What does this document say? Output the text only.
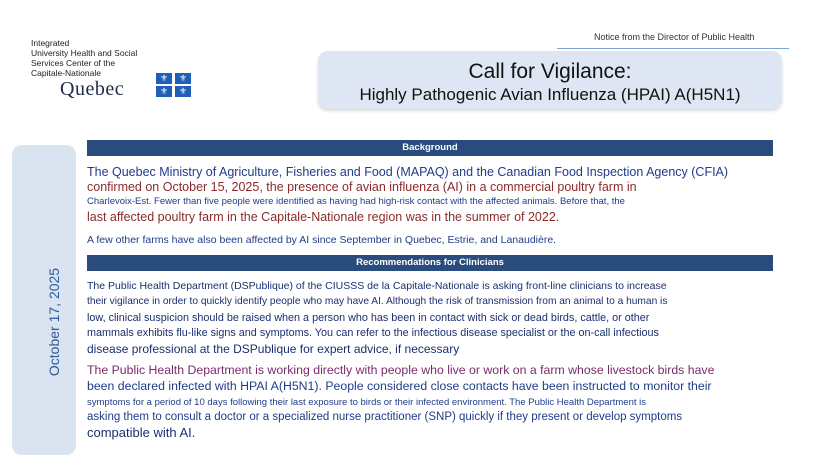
Integrated
University Health and Social
Services Center of the
Capitale-Nationale
Quebec	⚜ ⚜
⚜ ⚜
Notice from the Director of Public Health
Call for Vigilance:
Highly Pathogenic Avian Influenza (HPAI) A(H5N1)
October 17, 2025
Background
The Quebec Ministry of Agriculture, Fisheries and Food (MAPAQ) and the Canadian Food Inspection Agency (CFIA)
confirmed on October 15, 2025, the presence of avian influenza (AI) in a commercial poultry farm in
Charlevoix-Est. Fewer than five people were identified as having had high-risk contact with the affected animals. Before that, the
last affected poultry farm in the Capitale-Nationale region was in the summer of 2022.
A few other farms have also been affected by AI since September in Quebec, Estrie, and Lanaudière.
Recommendations for Clinicians
The Public Health Department (DSPublique) of the CIUSSS de la Capitale-Nationale is asking front-line clinicians to increase
their vigilance in order to quickly identify people who may have AI. Although the risk of transmission from an animal to a human is
low, clinical suspicion should be raised when a person who has been in contact with sick or dead birds, cattle, or other
mammals exhibits flu-like signs and symptoms. You can refer to the infectious disease specialist or the on-call infectious
disease professional at the DSPublique for expert advice, if necessary
The Public Health Department is working directly with people who live or work on a farm whose livestock birds have
been declared infected with HPAI A(H5N1). People considered close contacts have been instructed to monitor their
symptoms for a period of 10 days following their last exposure to birds or their infected environment. The Public Health Department is
asking them to consult a doctor or a specialized nurse practitioner (SNP) quickly if they present or develop symptoms
compatible with AI.
